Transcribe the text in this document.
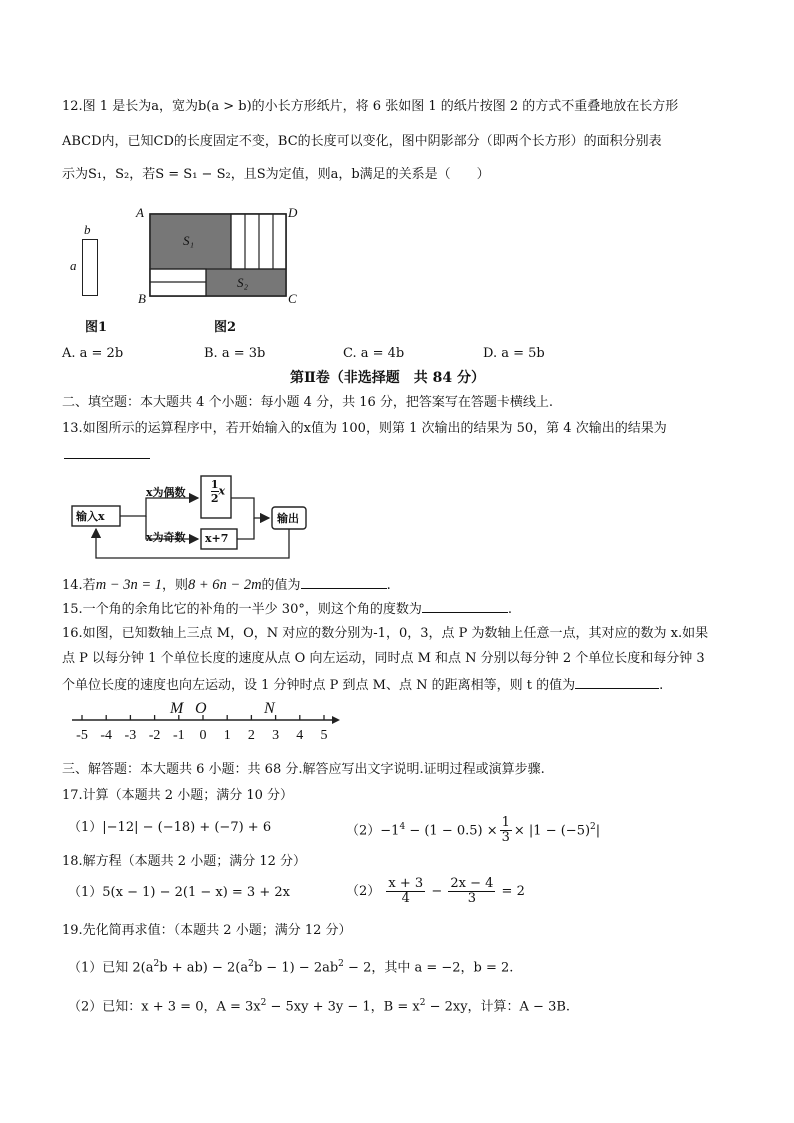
12.图 1 是长为a，宽为b(a > b)的小长方形纸片，将 6 张如图 1 的纸片按图 2 的方式不重叠地放在长方形
ABCD内，已知CD的长度固定不变，BC的长度可以变化，图中阴影部分（即两个长方形）的面积分别表
示为S₁，S₂，若S = S₁ − S₂，且S为定值，则a，b满足的关系是（　　）
b
a
图1
A	D
B	C
S₁
S₂
图2
A. a = 2b	B. a = 3b	C. a = 4b	D. a = 5b
第Ⅱ卷（非选择题　共 84 分）
二、填空题：本大题共 4 个小题：每小题 4 分，共 16 分，把答案写在答题卡横线上.
13.如图所示的运算程序中，若开始输入的x值为 100，则第 1 次输出的结果为 50，第 4 次输出的结果为
输入x
x为偶数
x为奇数
$\frac{1}{2}$ x
x+7
输出
14.若m − 3n = 1，则8 + 6n − 2m的值为	.
15.一个角的余角比它的补角的一半少 30°，则这个角的度数为	.
16.如图，已知数轴上三点 M，O，N 对应的数分别为-1，0，3，点 P 为数轴上任意一点，其对应的数为 x.如果
点 P 以每分钟 1 个单位长度的速度从点 O 向左运动，同时点 M 和点 N 分别以每分钟 2 个单位长度和每分钟 3
个单位长度的速度也向左运动，设 1 分钟时点 P 到点 M、点 N 的距离相等，则 t 的值为	.
-5 -4 -3 -2 -1	0	1	2	3	4	5
M O	N
三、解答题：本大题共 6 小题：共 68 分.解答应写出文字说明.证明过程或演算步骤.
17.计算（本题共 2 小题；满分 10 分）
（1）|−12| − (−18) + (−7) + 6	$(2)-1^4 - (1 - 0.5) \times \frac{1}{3} \times |1 - (-5)^2|$
18.解方程（本题共 2 小题；满分 12 分）
（1）5(x − 1) − 2(1 − x) = 3 + 2x	$(2) \frac{x + 3}{4} - \frac{2x - 4}{3} = 2$
19.先化简再求值：（本题共 2 小题；满分 12 分）
（1）已知 $2(a^2b + ab) - 2(a^2b - 1) - 2ab^2 - 2$，其中 a = −2，b = 2.
（2）已知：x + 3 = 0，$A = 3x^2 - 5xy + 3y - 1$，$B = x^2 - 2xy$，计算：A − 3B.
